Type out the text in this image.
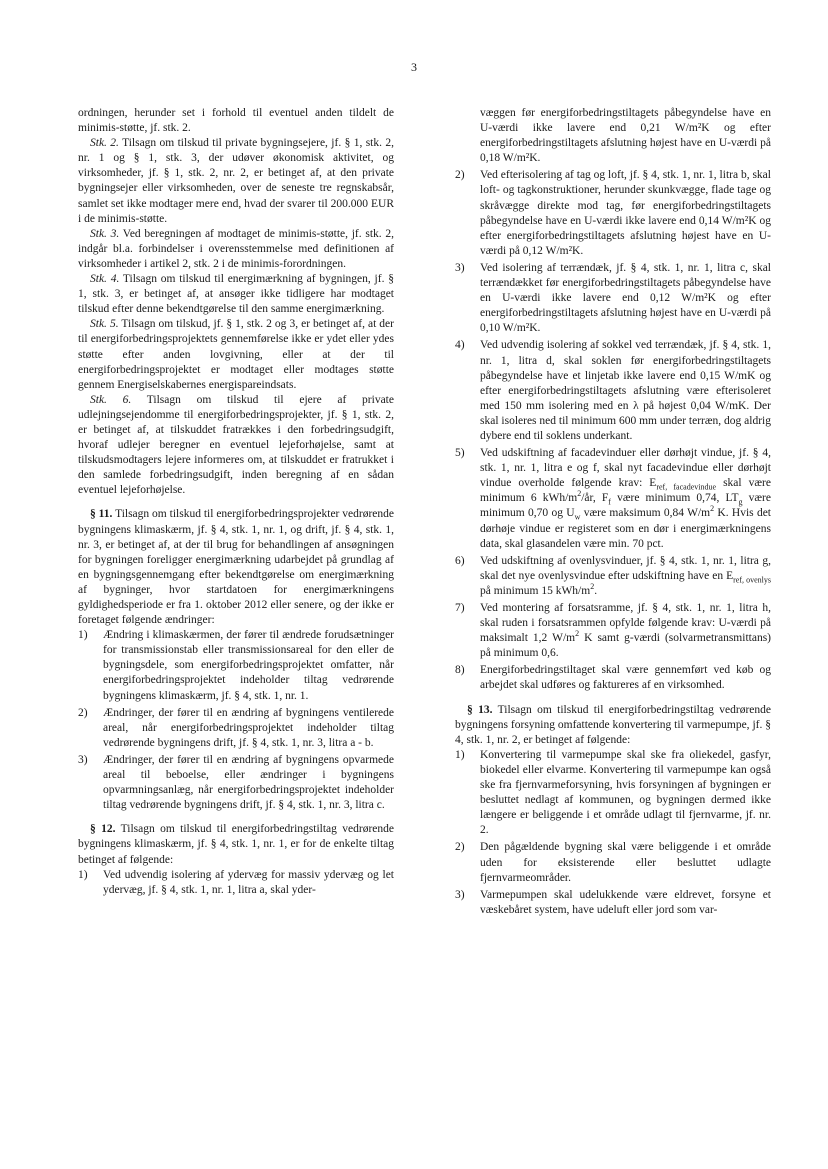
3

ordningen, herunder set i forhold til eventuel anden tildelt de minimis-støtte, jf. stk. 2.

Stk. 2. Tilsagn om tilskud til private bygningsejere, jf. § 1, stk. 2, nr. 1 og § 1, stk. 3, der udøver økonomisk aktivitet, og virksomheder, jf. § 1, stk. 2, nr. 2, er betinget af, at den private bygningsejer eller virksomheden, over de seneste tre regnskabsår, samlet set ikke modtager mere end, hvad der svarer til 200.000 EUR i de minimis-støtte.

Stk. 3. Ved beregningen af modtaget de minimis-støtte, jf. stk. 2, indgår bl.a. forbindelser i overensstemmelse med definitionen af virksomheder i artikel 2, stk. 2 i de minimis-forordningen.

Stk. 4. Tilsagn om tilskud til energimærkning af bygningen, jf. § 1, stk. 3, er betinget af, at ansøger ikke tidligere har modtaget tilskud efter denne bekendtgørelse til den samme energimærkning.

Stk. 5. Tilsagn om tilskud, jf. § 1, stk. 2 og 3, er betinget af, at der til energiforbedringsprojektets gennemførelse ikke er ydet eller ydes støtte efter anden lovgivning, eller at der til energiforbedringsprojektet er modtaget eller modtages støtte gennem Energiselskabernes energispareindsats.

Stk. 6. Tilsagn om tilskud til ejere af private udlejningsejendomme til energiforbedringsprojekter, jf. § 1, stk. 2, er betinget af, at tilskuddet fratrækkes i den forbedringsudgift, hvoraf udlejer beregner en eventuel lejeforhøjelse, samt at tilskudsmodtagers lejere informeres om, at tilskuddet er fratrukket i den samlede forbedringsudgift, inden beregning af en sådan eventuel lejeforhøjelse.

§ 11. Tilsagn om tilskud til energiforbedringsprojekter vedrørende bygningens klimaskærm, jf. § 4, stk. 1, nr. 1, og drift, jf. § 4, stk. 1, nr. 3, er betinget af, at der til brug for behandlingen af ansøgningen for bygningen foreligger energimærkning udarbejdet på grundlag af en bygningsgennemgang efter bekendtgørelse om energimærkning af bygninger, hvor startdatoen for energimærkningens gyldighedsperiode er fra 1. oktober 2012 eller senere, og der ikke er foretaget følgende ændringer:

1)	Ændring i klimaskærmen, der fører til ændrede forudsætninger for transmissionstab eller transmissionsareal for den eller de bygningsdele, som energiforbedringsprojektet omfatter, når energiforbedringsprojektet indeholder tiltag vedrørende bygningens klimaskærm, jf. § 4, stk. 1, nr. 1.
2)	Ændringer, der fører til en ændring af bygningens ventilerede areal, når energiforbedringsprojektet indeholder tiltag vedrørende bygningens drift, jf. § 4, stk. 1, nr. 3, litra a - b.
3)	Ændringer, der fører til en ændring af bygningens opvarmede areal til beboelse, eller ændringer i bygningens opvarmningsanlæg, når energiforbedringsprojektet indeholder tiltag vedrørende bygningens drift, jf. § 4, stk. 1, nr. 3, litra c.

§ 12. Tilsagn om tilskud til energiforbedringstiltag vedrørende bygningens klimaskærm, jf. § 4, stk. 1, nr. 1, er for de enkelte tiltag betinget af følgende:

1)	Ved udvendig isolering af ydervæg for massiv ydervæg og let ydervæg, jf. § 4, stk. 1, nr. 1, litra a, skal yder-
væggen før energiforbedringstiltagets påbegyndelse have en U-værdi ikke lavere end 0,21 W/m²K og efter energiforbedringstiltagets afslutning højest have en U-værdi på 0,18 W/m²K.
2)	Ved efterisolering af tag og loft, jf. § 4, stk. 1, nr. 1, litra b, skal loft- og tagkonstruktioner, herunder skunkvægge, flade tage og skråvægge direkte mod tag, før energiforbedringstiltagets påbegyndelse have en U-værdi ikke lavere end 0,14 W/m²K og efter energiforbedringstiltagets afslutning højest have en U-værdi på 0,12 W/m²K.
3)	Ved isolering af terrændæk, jf. § 4, stk. 1, nr. 1, litra c, skal terrændækket før energiforbedringstiltagets påbegyndelse have en U-værdi ikke lavere end 0,12 W/m²K og efter energiforbedringstiltagets afslutning højest have en U-værdi på 0,10 W/m²K.
4)	Ved udvendig isolering af sokkel ved terrændæk, jf. § 4, stk. 1, nr. 1, litra d, skal soklen før energiforbedringstiltagets påbegyndelse have et linjetab ikke lavere end 0,15 W/mK og efter energiforbedringstiltagets afslutning være efterisoleret med 150 mm isolering med en λ på højest 0,04 W/mK. Der skal isoleres ned til minimum 600 mm under terræn, dog aldrig dybere end til soklens underkant.
5)	Ved udskiftning af facadevinduer eller dørhøjt vindue, jf. § 4, stk. 1, nr. 1, litra e og f, skal nyt facadevindue eller dørhøjt vindue overholde følgende krav: $E_{ref, facadevindue}$ skal være minimum 6 kWh/$m^2/år$, $F_f$ være minimum 0,74, $LT_g$ være minimum 0,70 og $U_w$ være maksimum 0,84 $W/m^2$ K. Hvis det dørhøje vindue er registeret som en dør i energimærkningens data, skal glasandelen være min. 70 pct.
6)	Ved udskiftning af ovenlysvinduer, jf. § 4, stk. 1, nr. 1, litra g, skal det nye ovenlysvindue efter udskiftning have en $E_{ref, ovenlys}$ på minimum 15 kWh/$m^2$.
7)	Ved montering af forsatsramme, jf. § 4, stk. 1, nr. 1, litra h, skal ruden i forsatsrammen opfylde følgende krav: U-værdi på maksimalt 1,2 $W/m^2$ K samt g-værdi (solvarmetransmittans) på minimum 0,6.
8)	Energiforbedringstiltaget skal være gennemført ved køb og arbejdet skal udføres og faktureres af en virksomhed.

§ 13. Tilsagn om tilskud til energiforbedringstiltag vedrørende bygningens forsyning omfattende konvertering til varmepumpe, jf. § 4, stk. 1, nr. 2, er betinget af følgende:

1)	Konvertering til varmepumpe skal ske fra oliekedel, gasfyr, biokedel eller elvarme. Konvertering til varmepumpe kan også ske fra fjernvarmeforsyning, hvis forsyningen af bygningen er besluttet nedlagt af kommunen, og bygningen dermed ikke længere er beliggende i et område udlagt til fjernvarme, jf. nr. 2.
2)	Den pågældende bygning skal være beliggende i et område uden for eksisterende eller besluttet udlagte fjernvarmeområder.
3)	Varmepumpen skal udelukkende være eldrevet, forsyne et væskebåret system, have udeluft eller jord som var-
